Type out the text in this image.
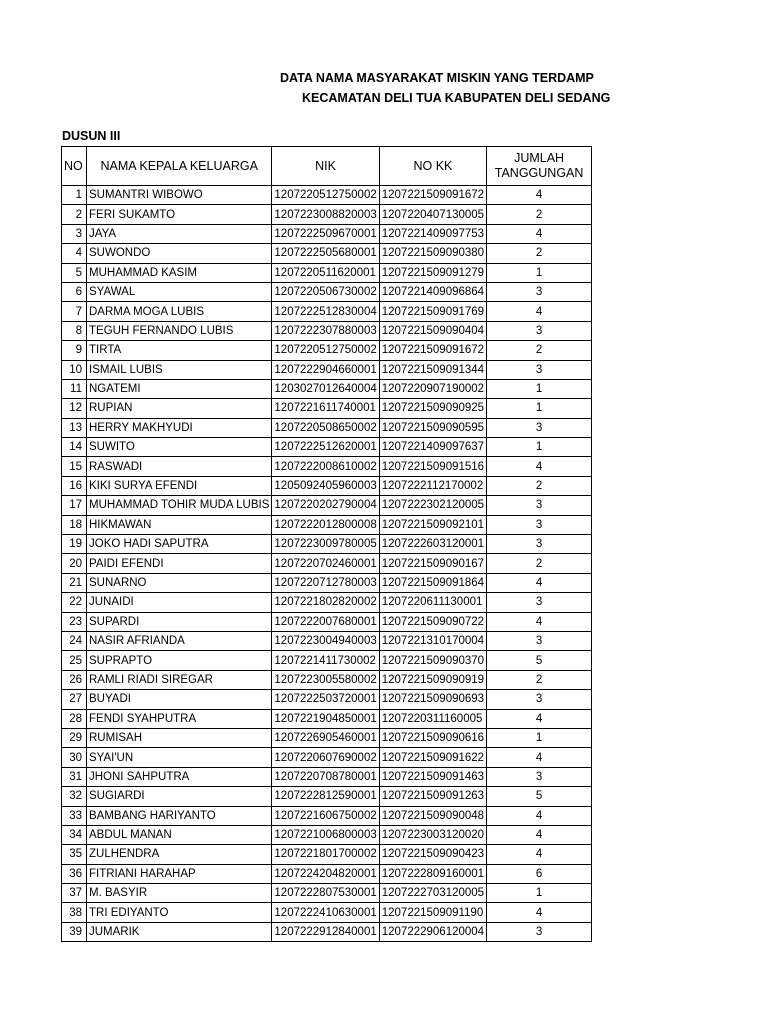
DATA NAMA MASYARAKAT MISKIN YANG TERDAMP
KECAMATAN DELI TUA KABUPATEN DELI SEDANG
DUSUN III
NO	NAMA KEPALA KELUARGA	NIK	NO KK	JUMLAH TANGGUNGAN
1	SUMANTRI WIBOWO	1207220512750002	1207221509091672	4
2	FERI SUKAMTO	1207223008820003	1207220407130005	2
3	JAYA	1207222509670001	1207221409097753	4
4	SUWONDO	1207222505680001	1207221509090380	2
5	MUHAMMAD KASIM	1207220511620001	1207221509091279	1
6	SYAWAL	1207220506730002	1207221409096864	3
7	DARMA MOGA LUBIS	1207222512830004	1207221509091769	4
8	TEGUH FERNANDO LUBIS	1207222307880003	1207221509090404	3
9	TIRTA	1207220512750002	1207221509091672	2
10	ISMAIL LUBIS	1207222904660001	1207221509091344	3
11	NGATEMI	1203027012640004	1207220907190002	1
12	RUPIAN	1207221611740001	1207221509090925	1
13	HERRY MAKHYUDI	1207220508650002	1207221509090595	3
14	SUWITO	1207222512620001	1207221409097637	1
15	RASWADI	1207222008610002	1207221509091516	4
16	KIKI SURYA EFENDI	1205092405960003	1207222112170002	2
17	MUHAMMAD TOHIR MUDA LUBIS	1207220202790004	1207222302120005	3
18	HIKMAWAN	1207222012800008	1207221509092101	3
19	JOKO HADI SAPUTRA	1207223009780005	1207222603120001	3
20	PAIDI EFENDI	1207220702460001	1207221509090167	2
21	SUNARNO	1207220712780003	1207221509091864	4
22	JUNAIDI	1207221802820002	1207220611130001	3
23	SUPARDI	1207222007680001	1207221509090722	4
24	NASIR AFRIANDA	1207223004940003	1207221310170004	3
25	SUPRAPTO	1207221411730002	1207221509090370	5
26	RAMLI RIADI SIREGAR	1207223005580002	1207221509090919	2
27	BUYADI	1207222503720001	1207221509090693	3
28	FENDI SYAHPUTRA	1207221904850001	1207220311160005	4
29	RUMISAH	1207226905460001	1207221509090616	1
30	SYAI'UN	1207220607690002	1207221509091622	4
31	JHONI SAHPUTRA	1207220708780001	1207221509091463	3
32	SUGIARDI	1207222812590001	1207221509091263	5
33	BAMBANG HARIYANTO	1207221606750002	1207221509090048	4
34	ABDUL MANAN	1207221006800003	1207223003120020	4
35	ZULHENDRA	1207221801700002	1207221509090423	4
36	FITRIANI HARAHAP	1207224204820001	1207222809160001	6
37	M. BASYIR	1207222807530001	1207222703120005	1
38	TRI EDIYANTO	1207222410630001	1207221509091190	4
39	JUMARIK	1207222912840001	1207222906120004	3
